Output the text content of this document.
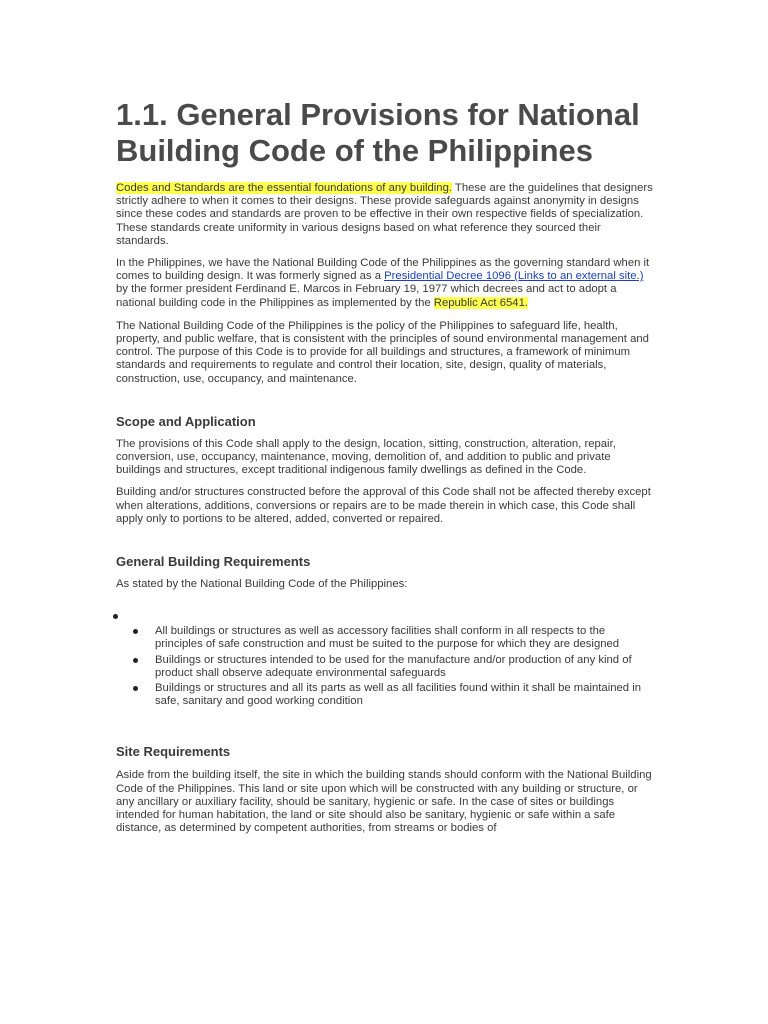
1.1. General Provisions for National Building Code of the Philippines

Codes and Standards are the essential foundations of any building. These are the guidelines that designers strictly adhere to when it comes to their designs. These provide safeguards against anonymity in designs since these codes and standards are proven to be effective in their own respective fields of specialization. These standards create uniformity in various designs based on what reference they sourced their standards.

In the Philippines, we have the National Building Code of the Philippines as the governing standard when it comes to building design. It was formerly signed as a Presidential Decree 1096 (Links to an external site.) by the former president Ferdinand E. Marcos in February 19, 1977 which decrees and act to adopt a national building code in the Philippines as implemented by the Republic Act 6541.

The National Building Code of the Philippines is the policy of the Philippines to safeguard life, health, property, and public welfare, that is consistent with the principles of sound environmental management and control. The purpose of this Code is to provide for all buildings and structures, a framework of minimum standards and requirements to regulate and control their location, site, design, quality of materials, construction, use, occupancy, and maintenance.

Scope and Application

The provisions of this Code shall apply to the design, location, sitting, construction, alteration, repair, conversion, use, occupancy, maintenance, moving, demolition of, and addition to public and private buildings and structures, except traditional indigenous family dwellings as defined in the Code.

Building and/or structures constructed before the approval of this Code shall not be affected thereby except when alterations, additions, conversions or repairs are to be made therein in which case, this Code shall apply only to portions to be altered, added, converted or repaired.

General Building Requirements

As stated by the National Building Code of the Philippines:

All buildings or structures as well as accessory facilities shall conform in all respects to the principles of safe construction and must be suited to the purpose for which they are designed
Buildings or structures intended to be used for the manufacture and/or production of any kind of product shall observe adequate environmental safeguards
Buildings or structures and all its parts as well as all facilities found within it shall be maintained in safe, sanitary and good working condition
Site Requirements

Aside from the building itself, the site in which the building stands should conform with the National Building Code of the Philippines. This land or site upon which will be constructed with any building or structure, or any ancillary or auxiliary facility, should be sanitary, hygienic or safe. In the case of sites or buildings intended for human habitation, the land or site should also be sanitary, hygienic or safe within a safe distance, as determined by competent authorities, from streams or bodies of
